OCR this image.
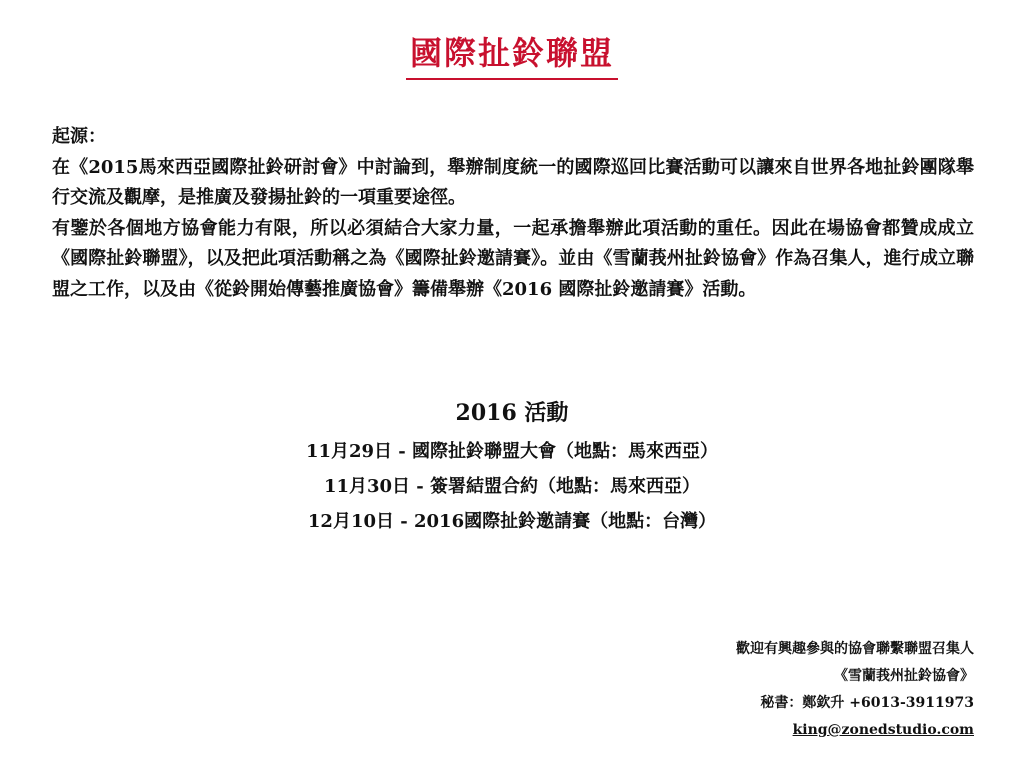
國際扯鈴聯盟

起源：

在《2015馬來西亞國際扯鈴研討會》中討論到，舉辦制度統一的國際巡回比賽活動可以讓來自世界各地扯鈴團隊舉行交流及觀摩，是推廣及發揚扯鈴的一項重要途徑。

有鑒於各個地方協會能力有限，所以必須結合大家力量，一起承擔舉辦此項活動的重任。因此在場協會都贊成成立《國際扯鈴聯盟》，以及把此項活動稱之為《國際扯鈴邀請賽》。並由《雪蘭莪州扯鈴協會》作為召集人，進行成立聯盟之工作，以及由《從鈴開始傳藝推廣協會》籌備舉辦《2016 國際扯鈴邀請賽》活動。

2016 活動
11月29日 - 國際扯鈴聯盟大會（地點：馬來西亞）
11月30日 - 簽署結盟合約（地點：馬來西亞）
12月10日 - 2016國際扯鈴邀請賽（地點：台灣）
歡迎有興趣參與的協會聯繫聯盟召集人
《雪蘭莪州扯鈴協會》
秘書：鄭欽升 +6013-3911973
king@zonedstudio.com
